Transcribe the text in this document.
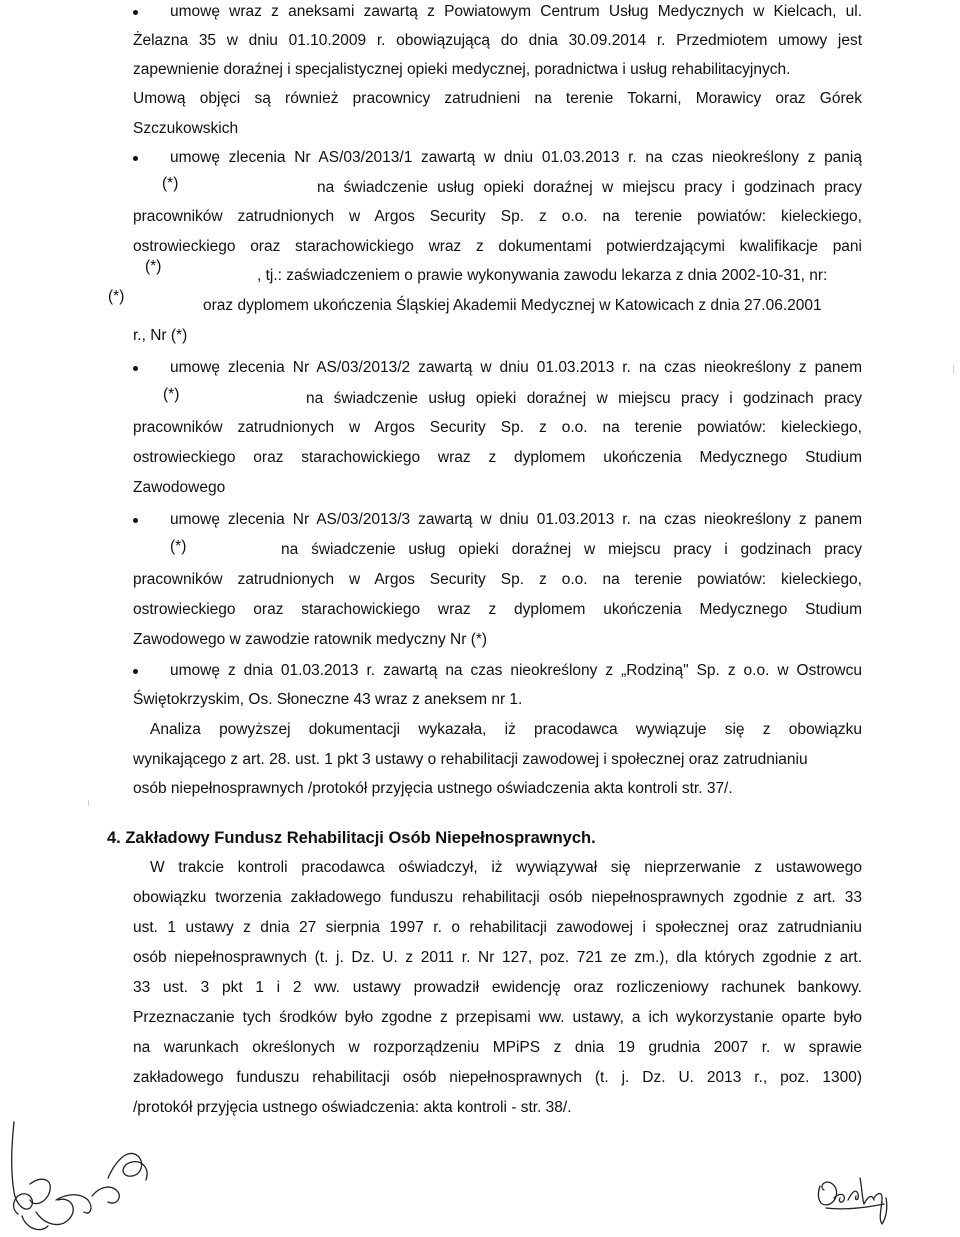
umowę wraz z aneksami zawartą z Powiatowym Centrum Usług Medycznych w Kielcach, ul.
Żelazna 35 w dniu 01.10.2009 r. obowiązującą do dnia 30.09.2014 r. Przedmiotem umowy jest
zapewnienie doraźnej i specjalistycznej opieki medycznej, poradnictwa i usług rehabilitacyjnych.
Umową objęci są również pracownicy zatrudnieni na terenie Tokarni, Morawicy oraz Górek
Szczukowskich
umowę zlecenia Nr AS/03/2013/1 zawartą w dniu 01.03.2013 r. na czas nieokreślony z panią
(*)	na świadczenie usług opieki doraźnej w miejscu pracy i godzinach pracy
pracowników zatrudnionych w Argos Security Sp. z o.o. na terenie powiatów: kieleckiego,
ostrowieckiego oraz starachowickiego wraz z dokumentami potwierdzającymi kwalifikacje pani
(*)
, tj.: zaświadczeniem o prawie wykonywania zawodu lekarza z dnia 2002-10-31, nr:
(*)
oraz dyplomem ukończenia Śląskiej Akademii Medycznej w Katowicach z dnia 27.06.2001
r., Nr (*)
umowę zlecenia Nr AS/03/2013/2 zawartą w dniu 01.03.2013 r. na czas nieokreślony z panem
(*)	na świadczenie usług opieki doraźnej w miejscu pracy i godzinach pracy
pracowników zatrudnionych w Argos Security Sp. z o.o. na terenie powiatów: kieleckiego,
ostrowieckiego oraz starachowickiego wraz z dyplomem ukończenia Medycznego Studium
Zawodowego
umowę zlecenia Nr AS/03/2013/3 zawartą w dniu 01.03.2013 r. na czas nieokreślony z panem
(*)	na świadczenie usług opieki doraźnej w miejscu pracy i godzinach pracy
pracowników zatrudnionych w Argos Security Sp. z o.o. na terenie powiatów: kieleckiego,
ostrowieckiego oraz starachowickiego wraz z dyplomem ukończenia Medycznego Studium
Zawodowego w zawodzie ratownik medyczny Nr (*)
umowę z dnia 01.03.2013 r. zawartą na czas nieokreślony z „Rodziną" Sp. z o.o. w Ostrowcu
Świętokrzyskim, Os. Słoneczne 43 wraz z aneksem nr 1.
Analiza powyższej dokumentacji wykazała, iż pracodawca wywiązuje się z obowiązku
wynikającego z art. 28. ust. 1 pkt 3 ustawy o rehabilitacji zawodowej i społecznej oraz zatrudnianiu
osób niepełnosprawnych /protokół przyjęcia ustnego oświadczenia akta kontroli str. 37/.
4. Zakładowy Fundusz Rehabilitacji Osób Niepełnosprawnych.
W trakcie kontroli pracodawca oświadczył, iż wywiązywał się nieprzerwanie z ustawowego
obowiązku tworzenia zakładowego funduszu rehabilitacji osób niepełnosprawnych zgodnie z art. 33
ust. 1 ustawy z dnia 27 sierpnia 1997 r. o rehabilitacji zawodowej i społecznej oraz zatrudnianiu
osób niepełnosprawnych (t. j. Dz. U. z 2011 r. Nr 127, poz. 721 ze zm.), dla których zgodnie z art.
33 ust. 3 pkt 1 i 2 ww. ustawy prowadził ewidencję oraz rozliczeniowy rachunek bankowy.
Przeznaczanie tych środków było zgodne z przepisami ww. ustawy, a ich wykorzystanie oparte było
na warunkach określonych w rozporządzeniu MPiPS z dnia 19 grudnia 2007 r. w sprawie
zakładowego funduszu rehabilitacji osób niepełnosprawnych (t. j. Dz. U. 2013 r., poz. 1300)
/protokół przyjęcia ustnego oświadczenia: akta kontroli - str. 38/.
